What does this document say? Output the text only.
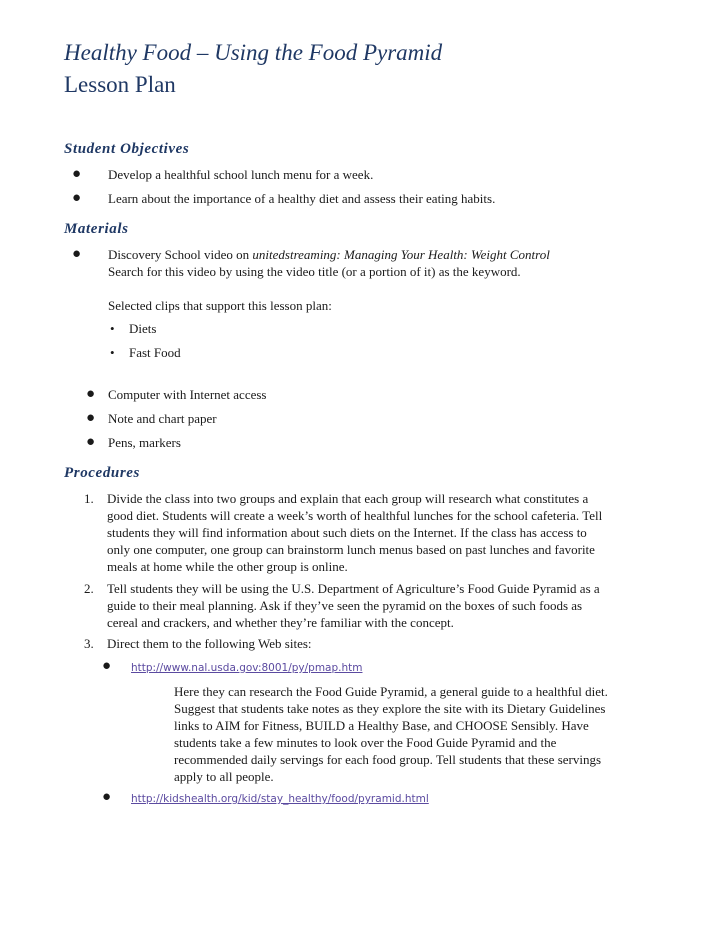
Healthy Food – Using the Food Pyramid
Lesson Plan
Student Objectives
● Develop a healthful school lunch menu for a week.
● Learn about the importance of a healthy diet and assess their eating habits.
Materials
● Discovery School video on unitedstreaming: Managing Your Health: Weight Control
Search for this video by using the video title (or a portion of it) as the keyword.
Selected clips that support this lesson plan:
• Diets
• Fast Food
● Computer with Internet access
● Note and chart paper
● Pens, markers
Procedures
1. Divide the class into two groups and explain that each group will research what constitutes a
good diet. Students will create a week’s worth of healthful lunches for the school cafeteria. Tell
students they will find information about such diets on the Internet. If the class has access to
only one computer, one group can brainstorm lunch menus based on past lunches and favorite
meals at home while the other group is online.
2. Tell students they will be using the U.S. Department of Agriculture’s Food Guide Pyramid as a
guide to their meal planning. Ask if they’ve seen the pyramid on the boxes of such foods as
cereal and crackers, and whether they’re familiar with the concept.
3. Direct them to the following Web sites:
● http://www.nal.usda.gov:8001/py/pmap.htm
Here they can research the Food Guide Pyramid, a general guide to a healthful diet.
Suggest that students take notes as they explore the site with its Dietary Guidelines
links to AIM for Fitness, BUILD a Healthy Base, and CHOOSE Sensibly. Have
students take a few minutes to look over the Food Guide Pyramid and the
recommended daily servings for each food group. Tell students that these servings
apply to all people.
● http://kidshealth.org/kid/stay_healthy/food/pyramid.html
